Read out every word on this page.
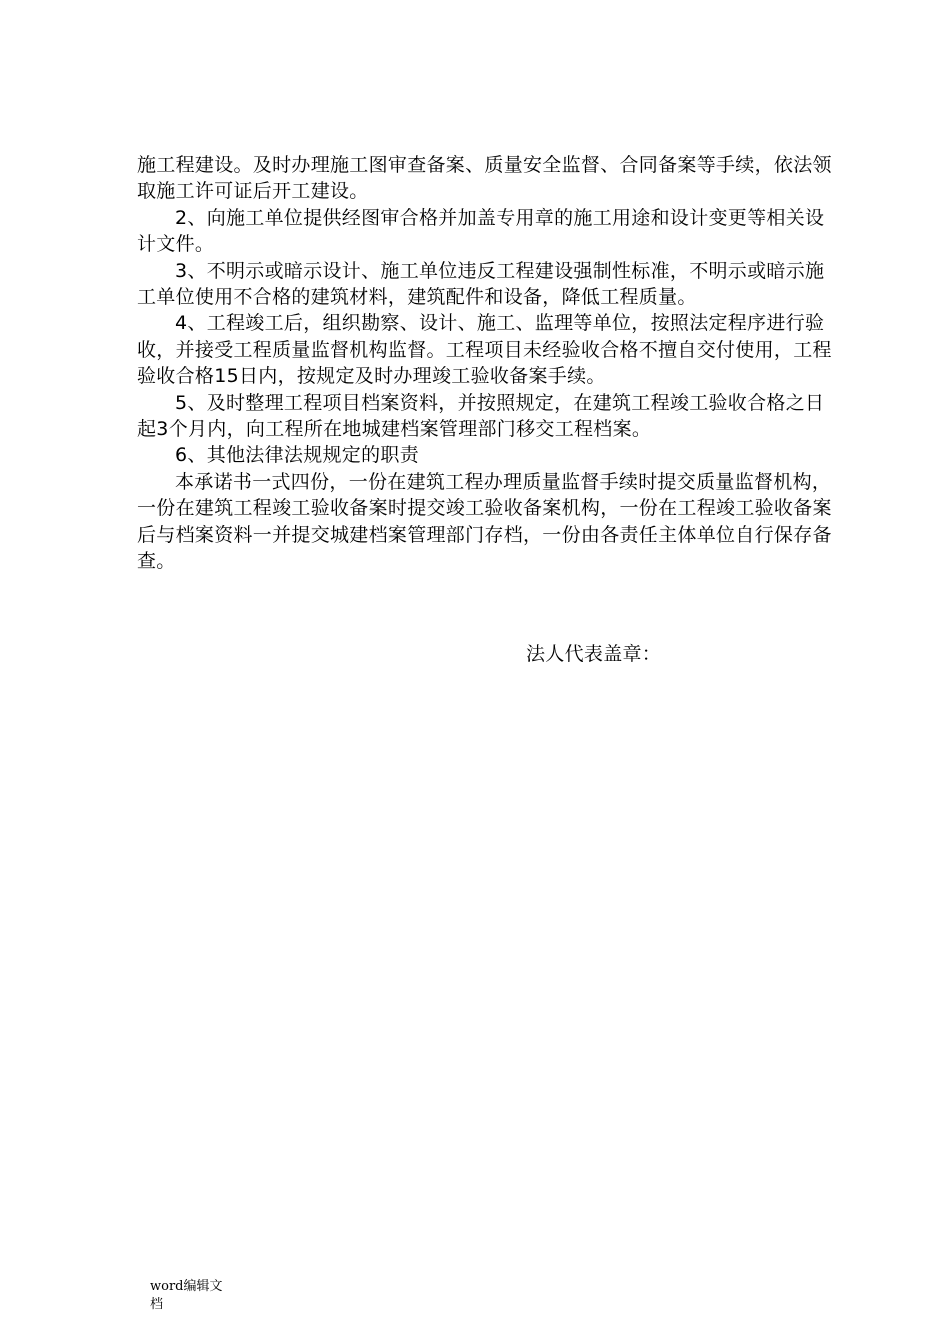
施工程建设。及时办理施工图审查备案、质量安全监督、合同备案等手续，依法领取施工许可证后开工建设。

2、向施工单位提供经图审合格并加盖专用章的施工用途和设计变更等相关设计文件。

3、不明示或暗示设计、施工单位违反工程建设强制性标准，不明示或暗示施工单位使用不合格的建筑材料，建筑配件和设备，降低工程质量。

4、工程竣工后，组织勘察、设计、施工、监理等单位，按照法定程序进行验收，并接受工程质量监督机构监督。工程项目未经验收合格不擅自交付使用，工程验收合格15日内，按规定及时办理竣工验收备案手续。

5、及时整理工程项目档案资料，并按照规定，在建筑工程竣工验收合格之日起3个月内，向工程所在地城建档案管理部门移交工程档案。

6、其他法律法规规定的职责

本承诺书一式四份，一份在建筑工程办理质量监督手续时提交质量监督机构，一份在建筑工程竣工验收备案时提交竣工验收备案机构，一份在工程竣工验收备案后与档案资料一并提交城建档案管理部门存档，一份由各责任主体单位自行保存备查。

法人代表盖章：
word编辑文档
